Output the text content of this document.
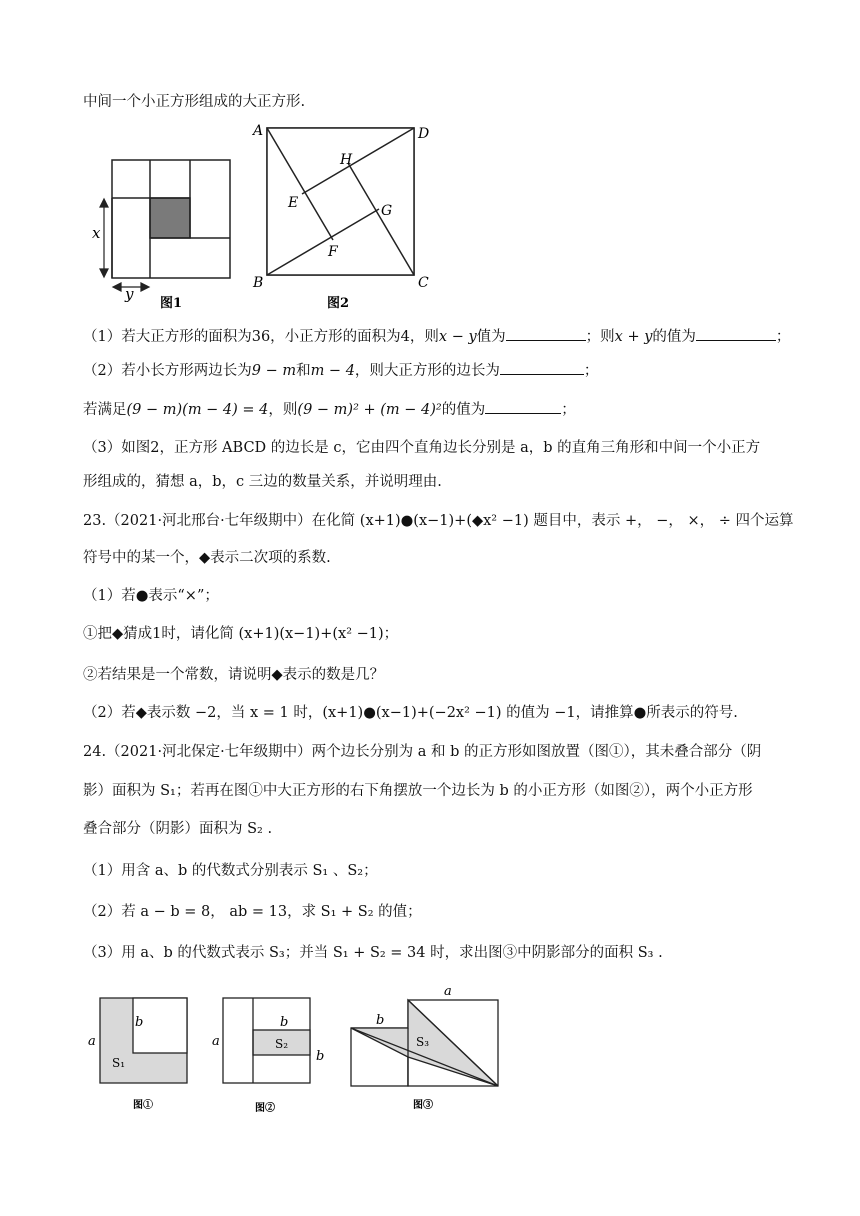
中间一个小正方形组成的大正方形.
x
y
图1
A	D
B	C
H
E	G
F
图2
（1）若大正方形的面积为36，小正方形的面积为4，则x − y值为	；则x + y的值为	；
（2）若小长方形两边长为9 − m和m − 4，则大正方形的边长为	；
若满足(9 − m)(m − 4) = 4，则(9 − m)² + (m − 4)²的值为	；
（3）如图2，正方形 ABCD 的边长是 c，它由四个直角边长分别是 a，b 的直角三角形和中间一个小正方
形组成的，猜想 a，b，c 三边的数量关系，并说明理由.
23.（2021·河北邢台·七年级期中）在化简 (x+1)●(x−1)+(◆x² −1) 题目中，表示 +， −， ×， ÷ 四个运算
符号中的某一个，◆表示二次项的系数.
（1）若●表示“×”；
①把◆猜成1时，请化简 (x+1)(x−1)+(x² −1)；
②若结果是一个常数，请说明◆表示的数是几？
（2）若◆表示数 −2，当 x = 1 时，(x+1)●(x−1)+(−2x² −1) 的值为 −1，请推算●所表示的符号.
24.（2021·河北保定·七年级期中）两个边长分别为 a 和 b 的正方形如图放置（图①），其未叠合部分（阴
影）面积为 S₁；若再在图①中大正方形的右下角摆放一个边长为 b 的小正方形（如图②），两个小正方形
叠合部分（阴影）面积为 S₂ .
（1）用含 a、b 的代数式分别表示 S₁ 、S₂；
（2）若 a − b = 8， ab = 13，求 S₁ + S₂ 的值；
（3）用 a、b 的代数式表示 S₃；并当 S₁ + S₂ = 34 时，求出图③中阴影部分的面积 S₃ .
a
b
S₁
图①
a
b
b
S₂
图②
a
b
S₃
图③
